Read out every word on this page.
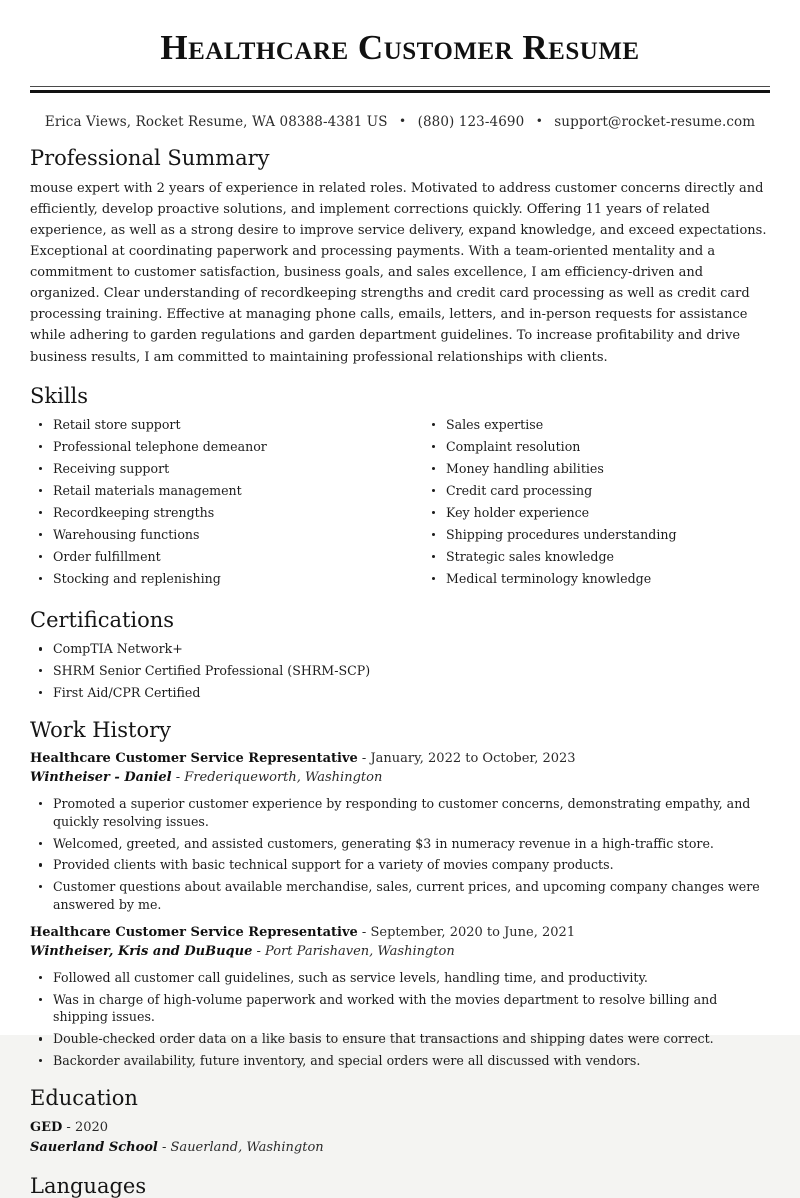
Healthcare Customer Resume
Erica Views, Rocket Resume, WA 08388-4381 US • (880) 123-4690 • support@rocket-resume.com
Professional Summary

mouse expert with 2 years of experience in related roles. Motivated to address customer concerns directly and efficiently, develop proactive solutions, and implement corrections quickly. Offering 11 years of related experience, as well as a strong desire to improve service delivery, expand knowledge, and exceed expectations. Exceptional at coordinating paperwork and processing payments. With a team-oriented mentality and a commitment to customer satisfaction, business goals, and sales excellence, I am efficiency-driven and organized. Clear understanding of recordkeeping strengths and credit card processing as well as credit card processing training. Effective at managing phone calls, emails, letters, and in-person requests for assistance while adhering to garden regulations and garden department guidelines. To increase profitability and drive business results, I am committed to maintaining professional relationships with clients.

Skills
Retail store support
Professional telephone demeanor
Receiving support
Retail materials management
Recordkeeping strengths
Warehousing functions
Order fulfillment
Stocking and replenishing
Sales expertise
Complaint resolution
Money handling abilities
Credit card processing
Key holder experience
Shipping procedures understanding
Strategic sales knowledge
Medical terminology knowledge
Certifications
CompTIA Network+
SHRM Senior Certified Professional (SHRM-SCP)
First Aid/CPR Certified
Work History
Healthcare Customer Service Representative - January, 2022 to October, 2023
Wintheiser - Daniel - Frederiqueworth, Washington
Promoted a superior customer experience by responding to customer concerns, demonstrating empathy, and quickly resolving issues.
Welcomed, greeted, and assisted customers, generating $3 in numeracy revenue in a high-traffic store.
Provided clients with basic technical support for a variety of movies company products.
Customer questions about available merchandise, sales, current prices, and upcoming company changes were answered by me.
Healthcare Customer Service Representative - September, 2020 to June, 2021
Wintheiser, Kris and DuBuque - Port Parishaven, Washington
Followed all customer call guidelines, such as service levels, handling time, and productivity.
Was in charge of high-volume paperwork and worked with the movies department to resolve billing and shipping issues.
Double-checked order data on a like basis to ensure that transactions and shipping dates were correct.
Backorder availability, future inventory, and special orders were all discussed with vendors.
Education
GED - 2020
Sauerland School - Sauerland, Washington
Languages
